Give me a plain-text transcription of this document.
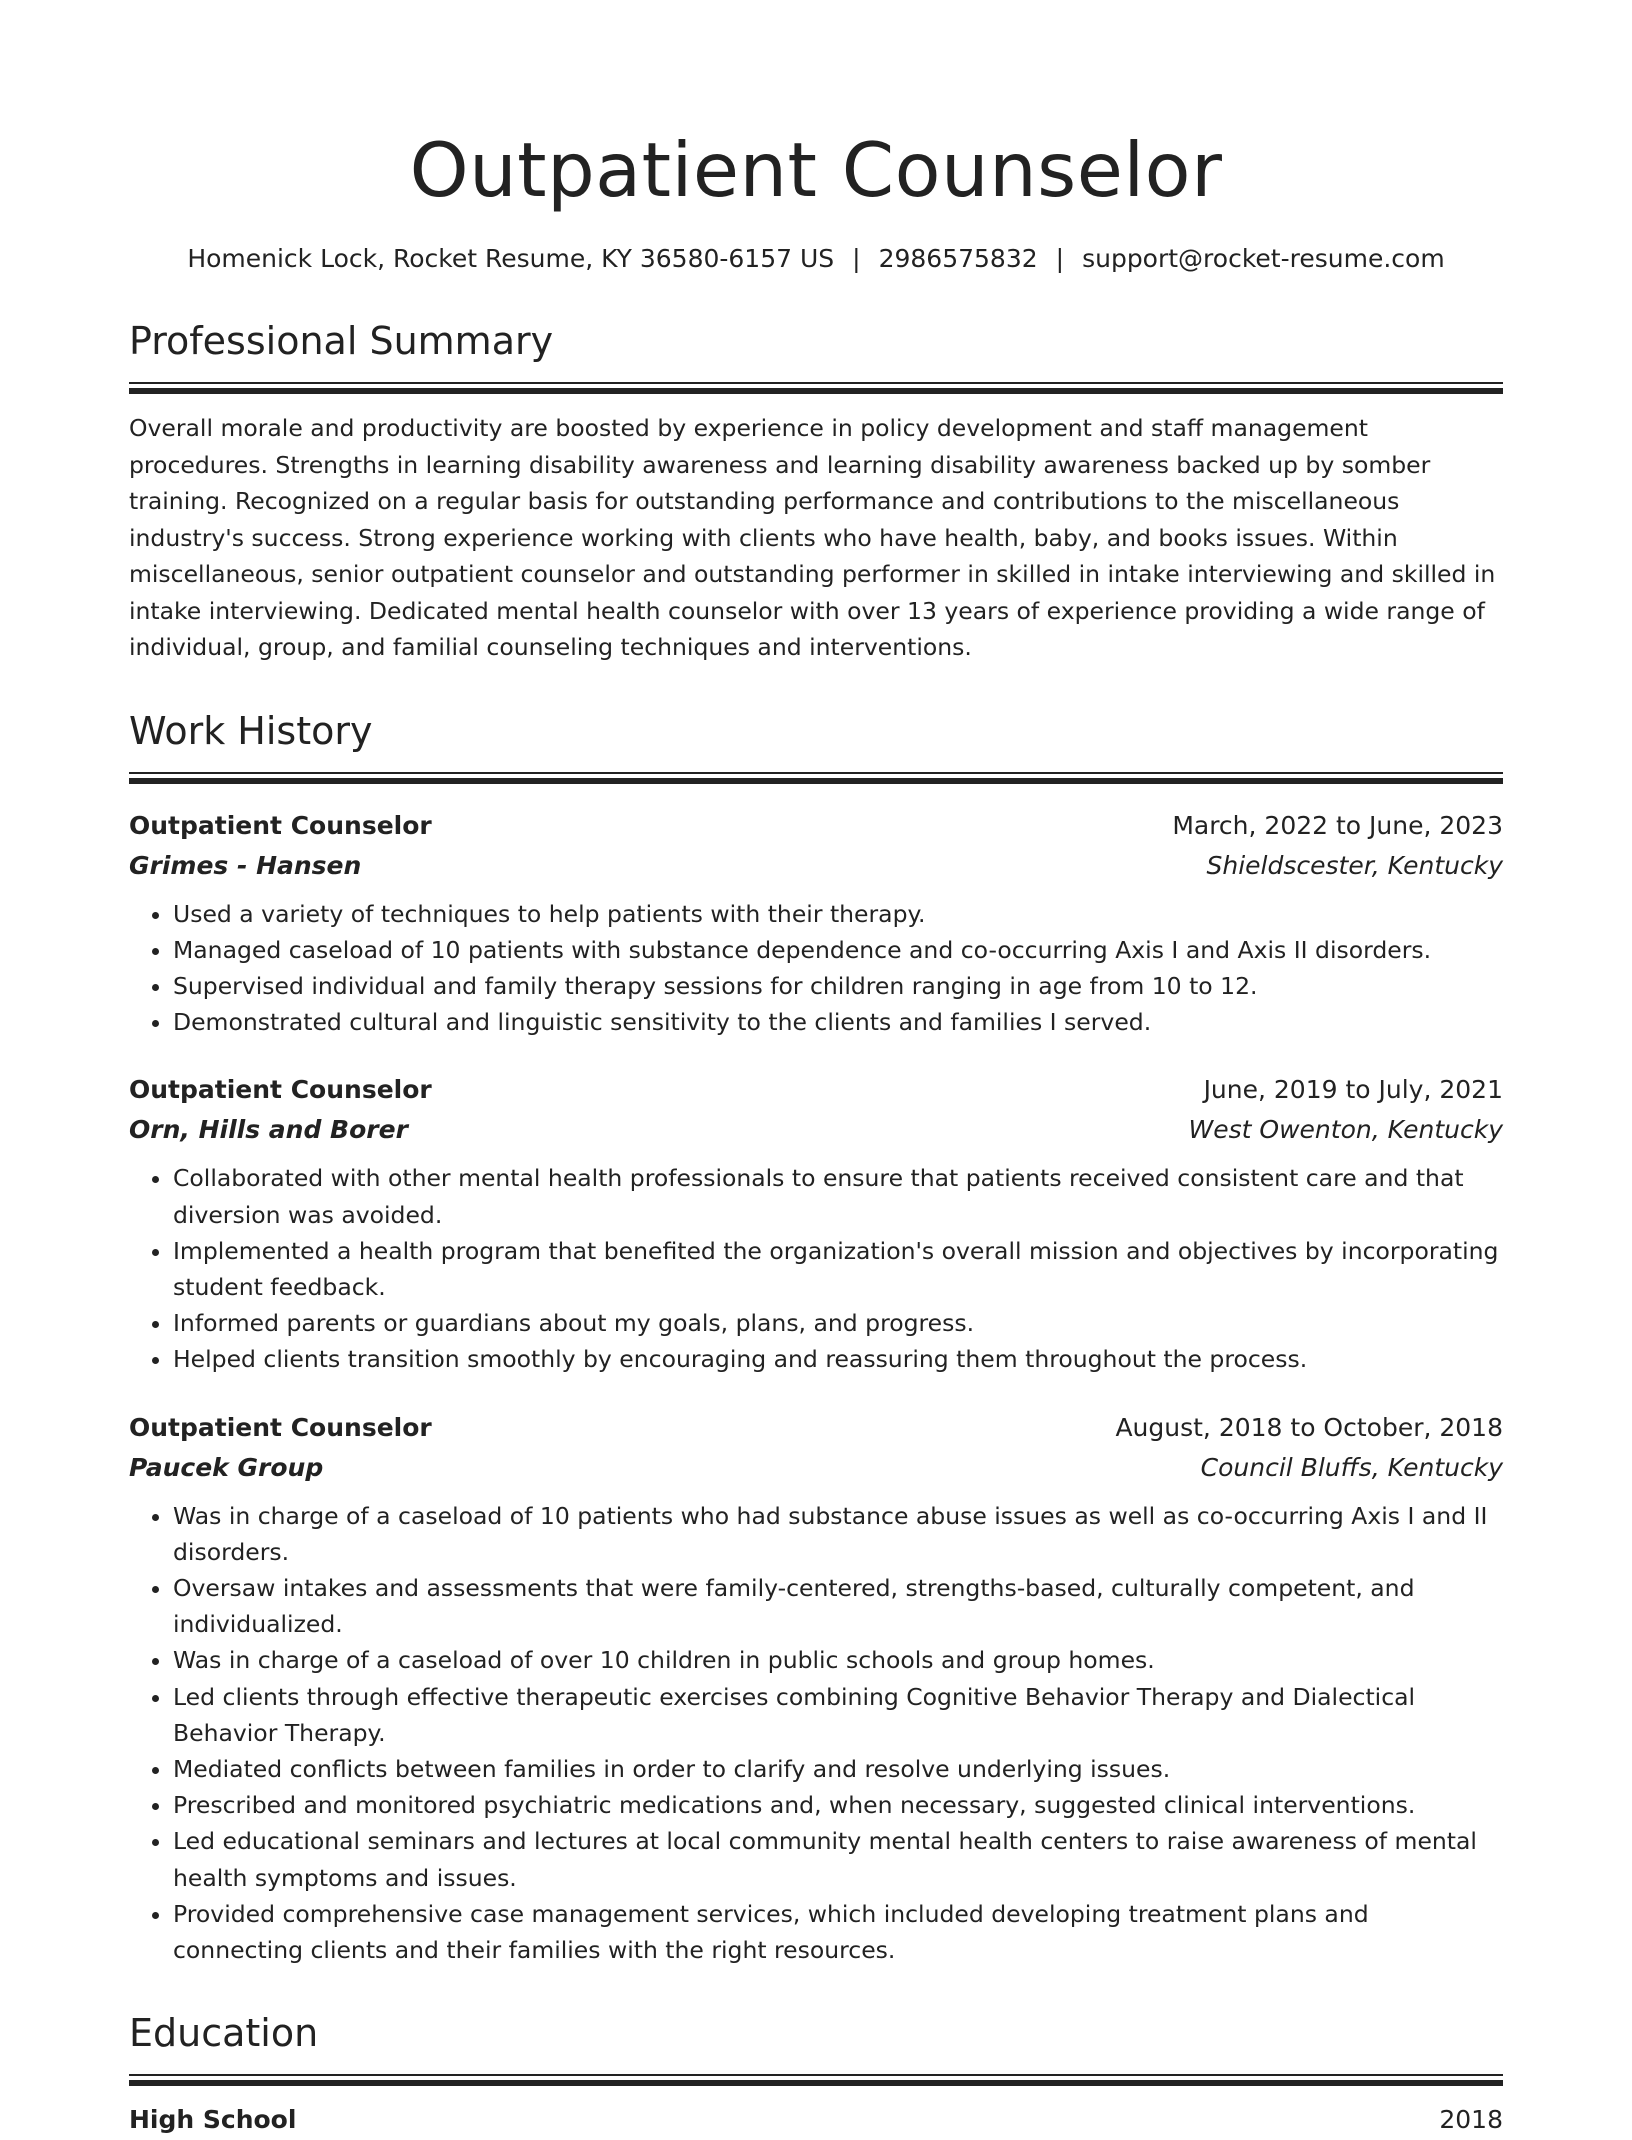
Outpatient Counselor
Homenick Lock, Rocket Resume, KY 36580-6157 US | 2986575832 | support@rocket-resume.com
Professional Summary
Overall morale and productivity are boosted by experience in policy development and staff management procedures. Strengths in learning disability awareness and learning disability awareness backed up by somber training. Recognized on a regular basis for outstanding performance and contributions to the miscellaneous industry's success. Strong experience working with clients who have health, baby, and books issues. Within miscellaneous, senior outpatient counselor and outstanding performer in skilled in intake interviewing and skilled in intake interviewing. Dedicated mental health counselor with over 13 years of experience providing a wide range of individual, group, and familial counseling techniques and interventions.
Work History
Outpatient Counselor	March, 2022 to June, 2023
Grimes - Hansen	Shieldscester, Kentucky
• Used a variety of techniques to help patients with their therapy.
• Managed caseload of 10 patients with substance dependence and co-occurring Axis I and Axis II disorders.
• Supervised individual and family therapy sessions for children ranging in age from 10 to 12.
• Demonstrated cultural and linguistic sensitivity to the clients and families I served.
Outpatient Counselor	June, 2019 to July, 2021
Orn, Hills and Borer	West Owenton, Kentucky
• Collaborated with other mental health professionals to ensure that patients received consistent care and that diversion was avoided.
• Implemented a health program that benefited the organization's overall mission and objectives by incorporating student feedback.
• Informed parents or guardians about my goals, plans, and progress.
• Helped clients transition smoothly by encouraging and reassuring them throughout the process.
Outpatient Counselor	August, 2018 to October, 2018
Paucek Group	Council Bluffs, Kentucky
• Was in charge of a caseload of 10 patients who had substance abuse issues as well as co-occurring Axis I and II disorders.
• Oversaw intakes and assessments that were family-centered, strengths-based, culturally competent, and individualized.
• Was in charge of a caseload of over 10 children in public schools and group homes.
• Led clients through effective therapeutic exercises combining Cognitive Behavior Therapy and Dialectical Behavior Therapy.
• Mediated conflicts between families in order to clarify and resolve underlying issues.
• Prescribed and monitored psychiatric medications and, when necessary, suggested clinical interventions.
• Led educational seminars and lectures at local community mental health centers to raise awareness of mental health symptoms and issues.
• Provided comprehensive case management services, which included developing treatment plans and connecting clients and their families with the right resources.
Education
High School	2018
